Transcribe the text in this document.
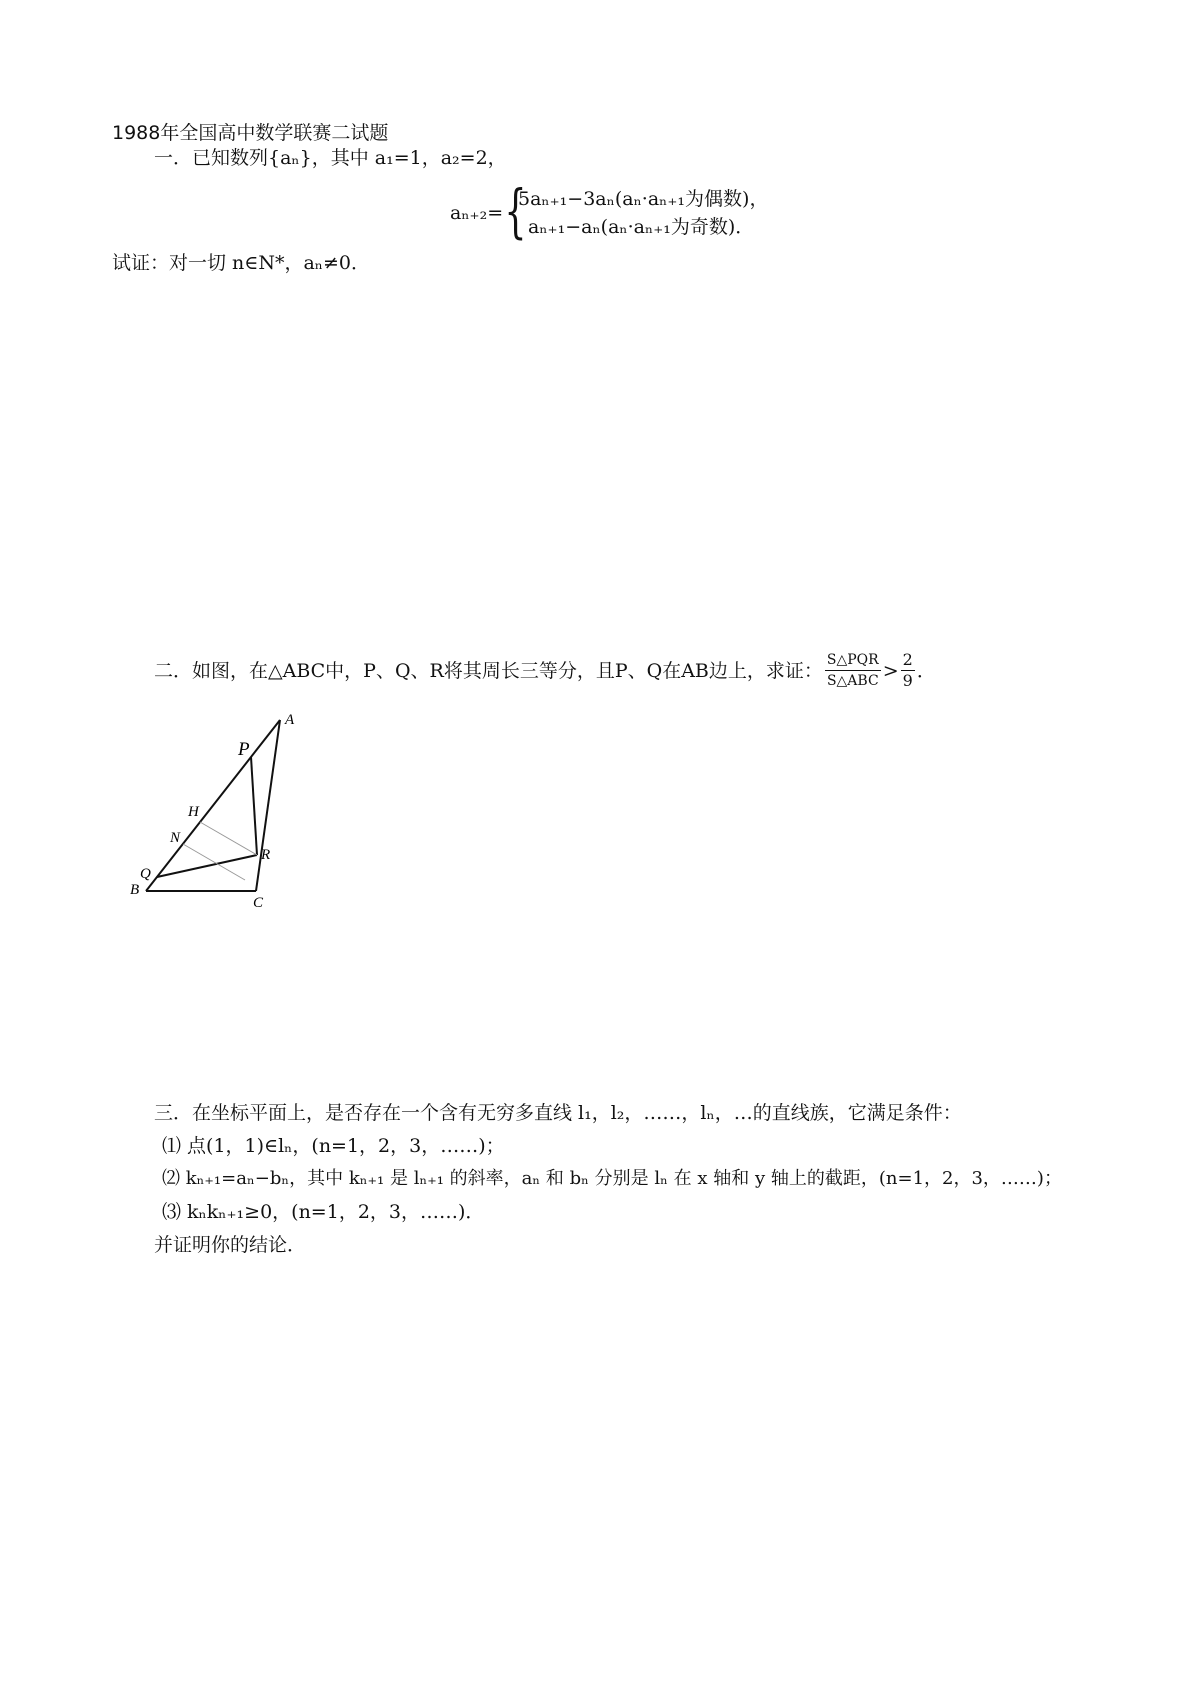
1988年全国高中数学联赛二试题
一．已知数列{aₙ}，其中 a₁=1，a₂=2，
aₙ₊₂= {
5aₙ₊₁−3aₙ(aₙ·aₙ₊₁为偶数)，
aₙ₊₁−aₙ(aₙ·aₙ₊₁为奇数)．
试证：对一切 n∈N*，aₙ≠0．
二．如图，在△ABC中，P、Q、R将其周长三等分，且P、Q在AB边上，求证： $\frac{\text{S△PQR}}{\text{S△ABC}} > \frac{2}{9}$ ．
A
P
H
N
Q
R
B
C
三．在坐标平面上，是否存在一个含有无穷多直线 l₁，l₂，……，lₙ，…的直线族，它满足条件：
⑴ 点(1，1)∈lₙ，(n=1，2，3，……)；
⑵ kₙ₊₁=aₙ−bₙ，其中 kₙ₊₁ 是 lₙ₊₁ 的斜率，aₙ 和 bₙ 分别是 lₙ 在 x 轴和 y 轴上的截距，(n=1，2，3，……)；
⑶ kₙkₙ₊₁≥0，(n=1，2，3，……)．
并证明你的结论．
